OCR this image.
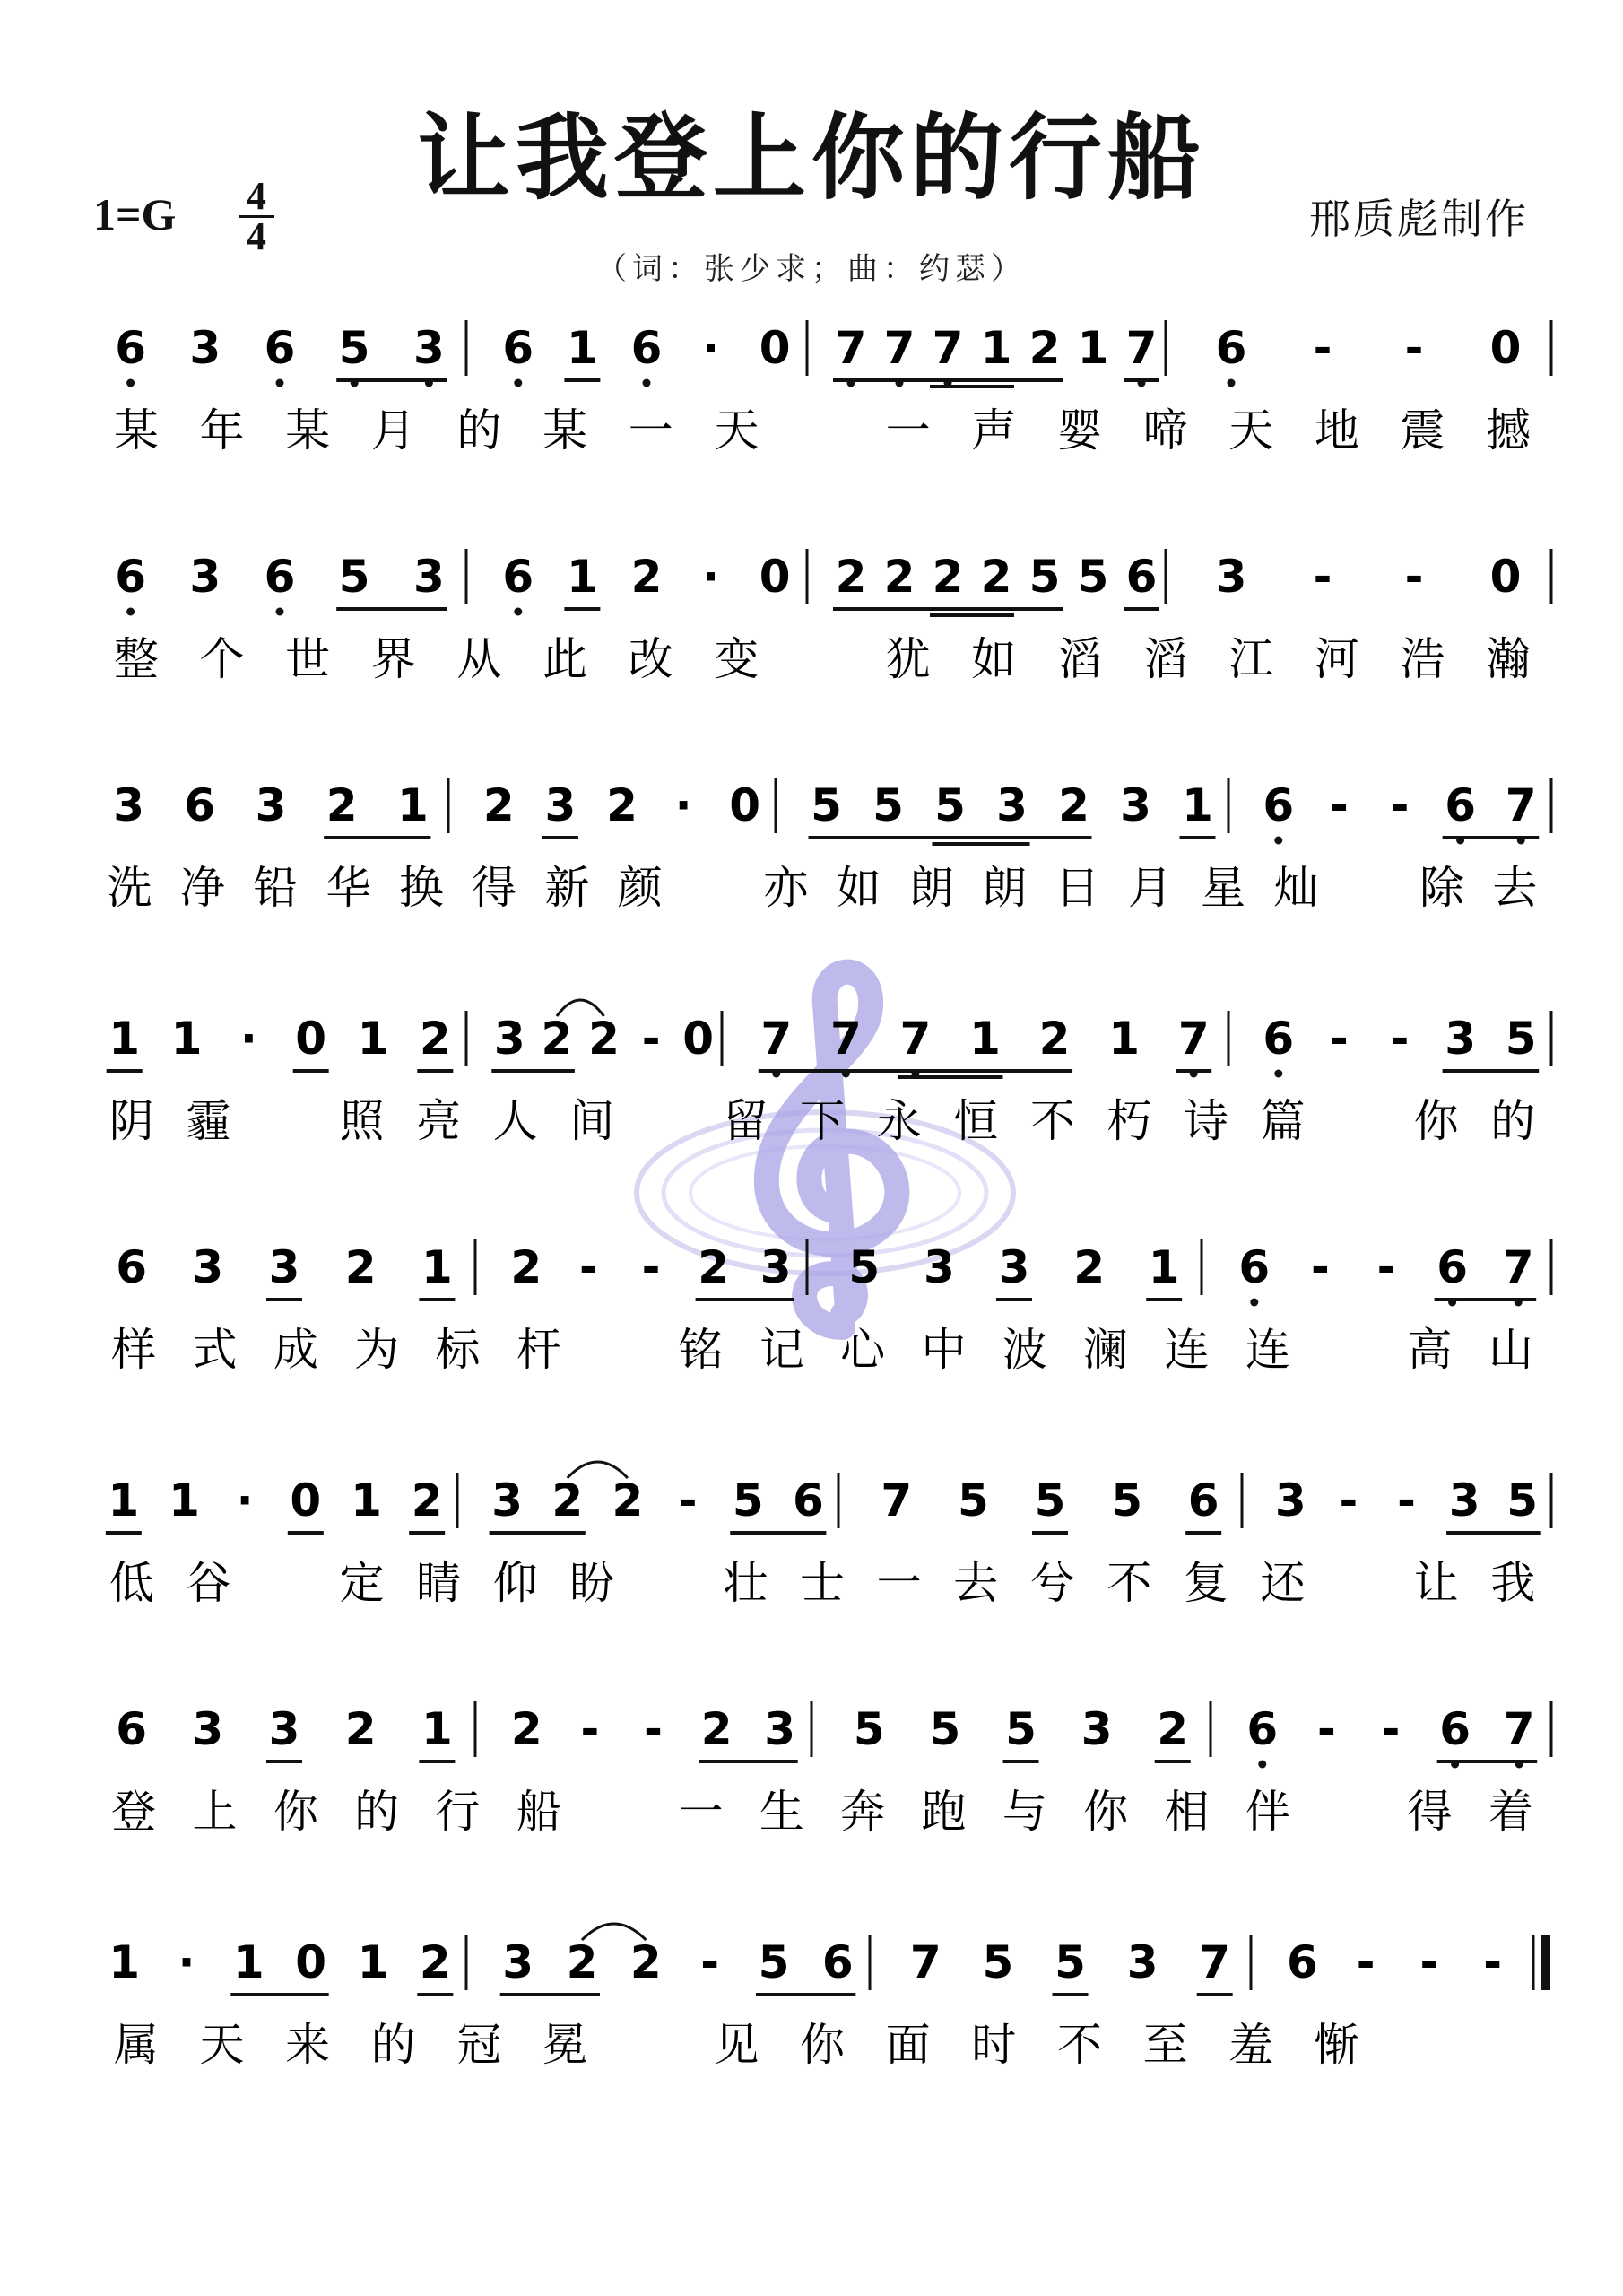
让我登上你的行船
1=G 4
4	邢质彪制作
（词：张少求；曲：约瑟）
6 3 6 5 3 6 1 6 · 0 7 7 7 1 2 1 7 6 - - 0
某 年 某 月 的 某 一 天	一 声 婴 啼 天 地 震 撼
6 3 6 5 3 6 1 2 · 0 2 2 2 2 5 5 6 3 - - 0
整 个 世 界 从 此 改 变	犹 如 滔 滔 江 河 浩 瀚
3 6 3 2 1 2 3 2 · 0 5 5 5 3 2 3 1 6 - - 6 7
洗 净 铅 华 换 得 新 颜 亦 如 朗 朗 日 月 星 灿 除 去
1 1 · 0 1 2 3 2 2 - 0 7 7 7 1 2 1 7 6 - - 3 5
阴 霾 照 亮 人 间 留 下 永 恒 不 朽 诗 篇 你 的
6 3 3 2 1 2 - - 2 3 5 3 3 2 1 6 - - 6 7
样 式 成 为 标 杆	铭 记 心 中 波 澜 连 连	高 山
1 1 · 0 1 2 3 2 2 - 5 6 7 5 5 5 6 3 - - 3 5
低 谷 定 睛 仰 盼 壮 士 一 去 兮 不 复 还 让 我
6 3 3 2 1 2 - - 2 3 5 5 5 3 2 6 - - 6 7
登 上 你 的 行 船	一 生 奔 跑 与 你 相 伴	得 着
1 · 1 0 1 2 3 2 2 - 5 6 7 5 5 3 7 6 - - -
属 天 来 的 冠 冕	见 你 面 时 不 至 羞 惭
